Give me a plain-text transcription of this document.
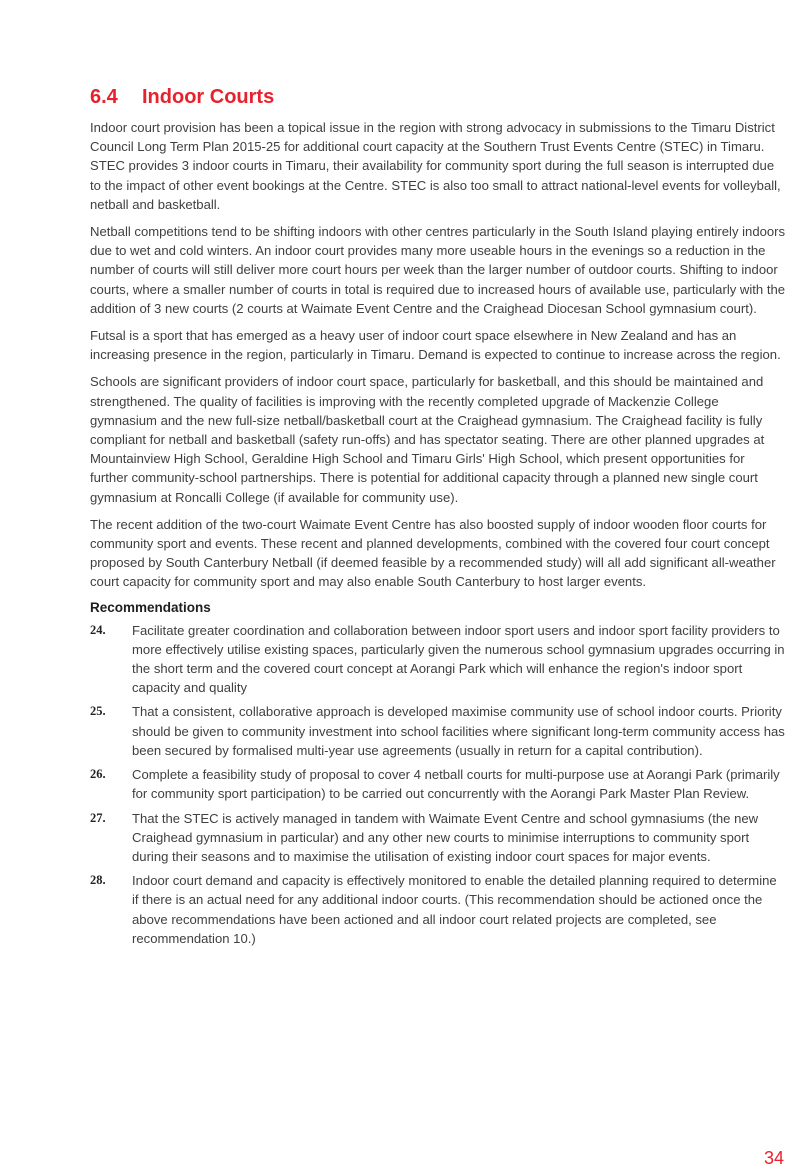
6.4 Indoor Courts

Indoor court provision has been a topical issue in the region with strong advocacy in submissions to the Timaru District Council Long Term Plan 2015-25 for additional court capacity at the Southern Trust Events Centre (STEC) in Timaru. STEC provides 3 indoor courts in Timaru, their availability for community sport during the full season is interrupted due to the impact of other event bookings at the Centre. STEC is also too small to attract national-level events for volleyball, netball and basketball.

Netball competitions tend to be shifting indoors with other centres particularly in the South Island playing entirely indoors due to wet and cold winters. An indoor court provides many more useable hours in the evenings so a reduction in the number of courts will still deliver more court hours per week than the larger number of outdoor courts. Shifting to indoor courts, where a smaller number of courts in total is required due to increased hours of available use, particularly with the addition of 3 new courts (2 courts at Waimate Event Centre and the Craighead Diocesan School gymnasium court).

Futsal is a sport that has emerged as a heavy user of indoor court space elsewhere in New Zealand and has an increasing presence in the region, particularly in Timaru. Demand is expected to continue to increase across the region.

Schools are significant providers of indoor court space, particularly for basketball, and this should be maintained and strengthened. The quality of facilities is improving with the recently completed upgrade of Mackenzie College gymnasium and the new full-size netball/basketball court at the Craighead gymnasium. The Craighead facility is fully compliant for netball and basketball (safety run-offs) and has spectator seating. There are other planned upgrades at Mountainview High School, Geraldine High School and Timaru Girls' High School, which present opportunities for further community-school partnerships. There is potential for additional capacity through a planned new single court gymnasium at Roncalli College (if available for community use).

The recent addition of the two-court Waimate Event Centre has also boosted supply of indoor wooden floor courts for community sport and events. These recent and planned developments, combined with the covered four court concept proposed by South Canterbury Netball (if deemed feasible by a recommended study) will all add significant all-weather court capacity for community sport and may also enable South Canterbury to host larger events.

Recommendations
24.	Facilitate greater coordination and collaboration between indoor sport users and indoor sport facility providers to more effectively utilise existing spaces, particularly given the numerous school gymnasium upgrades occurring in the short term and the covered court concept at Aorangi Park which will enhance the region's indoor sport capacity and quality
25.	That a consistent, collaborative approach is developed maximise community use of school indoor courts. Priority should be given to community investment into school facilities where significant long-term community access has been secured by formalised multi-year use agreements (usually in return for a capital contribution).
26.	Complete a feasibility study of proposal to cover 4 netball courts for multi-purpose use at Aorangi Park (primarily for community sport participation) to be carried out concurrently with the Aorangi Park Master Plan Review.
27.	That the STEC is actively managed in tandem with Waimate Event Centre and school gymnasiums (the new Craighead gymnasium in particular) and any other new courts to minimise interruptions to community sport during their seasons and to maximise the utilisation of existing indoor court spaces for major events.
28.	Indoor court demand and capacity is effectively monitored to enable the detailed planning required to determine if there is an actual need for any additional indoor courts. (This recommendation should be actioned once the above recommendations have been actioned and all indoor court related projects are completed, see recommendation 10.)
34
